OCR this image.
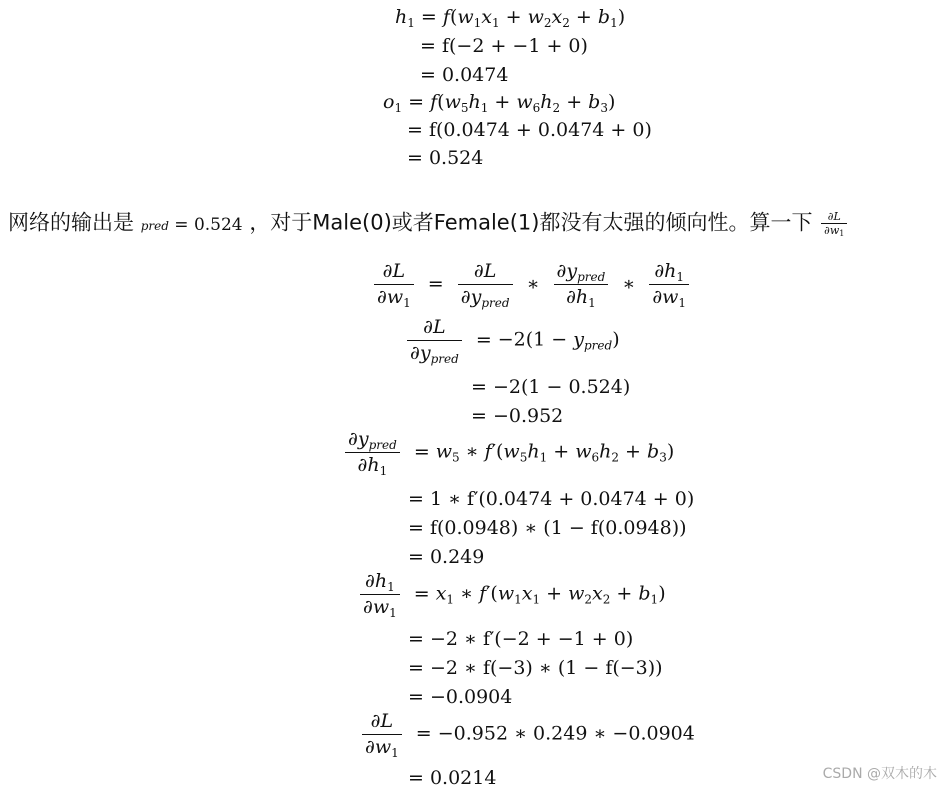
$h_1 = f(w_1x_1 + w_2x_2 + b_1)$
= f(−2 + −1 + 0)
= 0.0474
$o_1 = f(w_5h_1 + w_6h_2 + b_3)$
= f(0.0474 + 0.0474 + 0)
= 0.524
网络的输出是 pred = 0.524 ，对于Male(0)或者Female(1)都没有太强的倾向性。算一下 $\frac{\partial L}{\partial w_1}$
$\frac{\partial L}{\partial w_1} = \frac{\partial L}{\partial y_{pred}}$ ∗ $\frac{\partial y_{pred}}{\partial h_1}$ ∗ $\frac{\partial h_1}{\partial w_1}$
$\frac{\partial L}{\partial y_{pred}} = -2(1 - y_{pred})$
= −2(1 − 0.524)
= −0.952
$\frac{\partial y_{pred}}{\partial h_1} = w_5$ ∗ $f'(w_5h_1 + w_6h_2 + b_3)$
= 1 ∗ f′(0.0474 + 0.0474 + 0)
= f(0.0948) ∗ (1 − f(0.0948))
= 0.249
$\frac{\partial h_1}{\partial w_1} = x_1$ ∗ $f'(w_1x_1 + w_2x_2 + b_1)$
= −2 ∗ f′(−2 + −1 + 0)
= −2 ∗ f(−3) ∗ (1 − f(−3))
= −0.0904
$\frac{\partial L}{\partial w_1} = -0.952$ ∗ 0.249 ∗ −0.0904
= 0.0214	CSDN @双木的木
